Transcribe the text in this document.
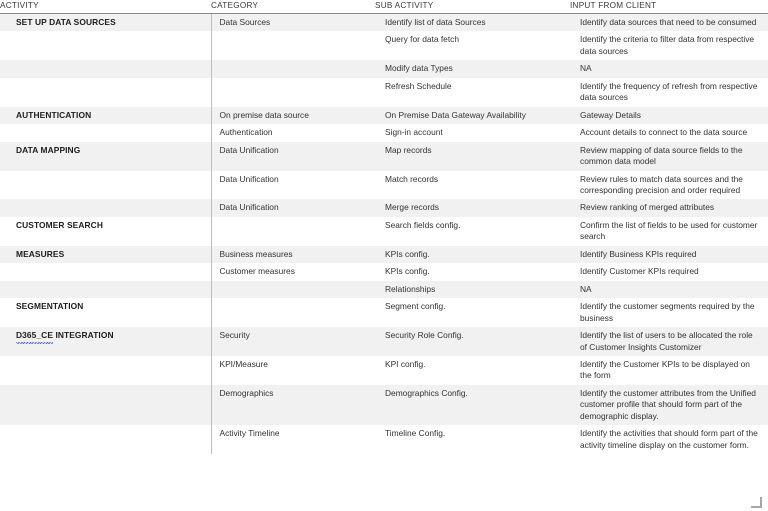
ACTIVITY	CATEGORY	SUB ACTIVITY	INPUT FROM CLIENT

SET UP DATA SOURCES	Data Sources	Identify list of data Sources	Identify data sources that need to be consumed
		Query for data fetch	Identify the criteria to filter data from respective data sources
		Modify data Types	NA
		Refresh Schedule	Identify the frequency of refresh from respective data sources
AUTHENTICATION	On premise data source	On Premise Data Gateway Availability	Gateway Details
	Authentication	Sign-in account	Account details to connect to the data source
DATA MAPPING	Data Unification	Map records	Review mapping of data source fields to the common data model
	Data Unification	Match records	Review rules to match data sources and the corresponding precision and order required
	Data Unification	Merge records	Review ranking of merged attributes
CUSTOMER SEARCH		Search fields config.	Confirm the list of fields to be used for customer search
MEASURES	Business measures	KPIs config.	Identify Business KPIs required
	Customer measures	KPIs config.	Identify Customer KPIs required
		Relationships	NA
SEGMENTATION		Segment config.	Identify the customer segments required by the business
D365_CE INTEGRATION	Security	Security Role Config.	Identify the list of users to be allocated the role of Customer Insights Customizer
	KPI/Measure	KPI config.	Identify the Customer KPIs to be displayed on the form
	Demographics	Demographics Config.	Identify the customer attributes from the Unified customer profile that should form part of the demographic display.
	Activity Timeline	Timeline Config.	Identify the activities that should form part of the activity timeline display on the customer form.
